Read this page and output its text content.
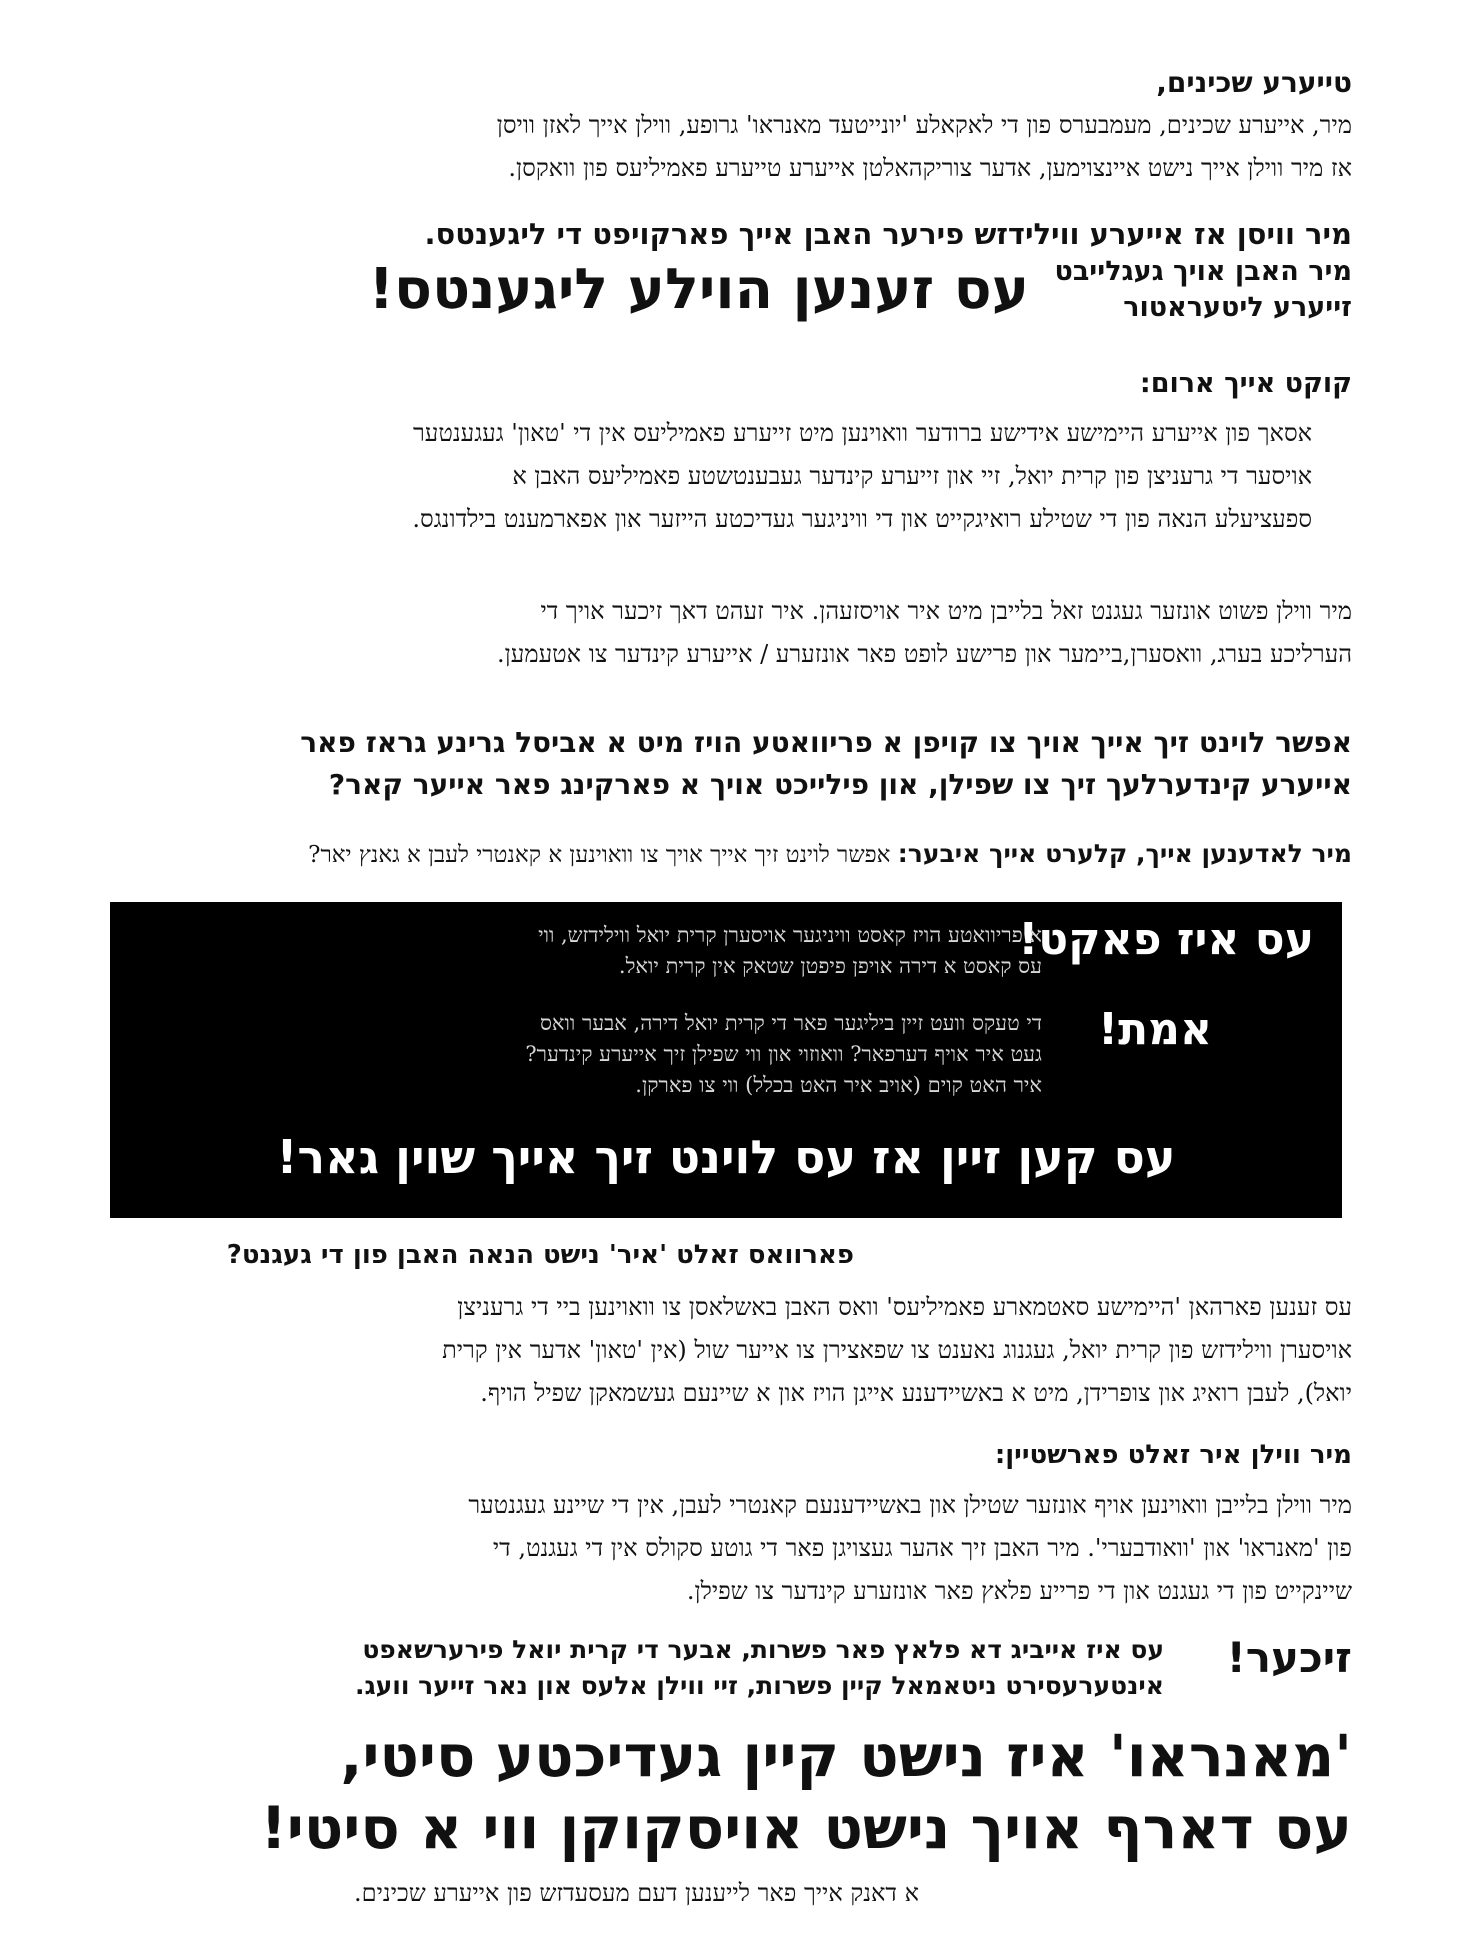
טייערע שכינים,
מיר, אייערע שכינים, מעמבערס פון די לאקאלע 'יונייטעד מאנראו' גרופע, ווילן אייך לאזן וויסן
אז מיר ווילן אייך נישט איינצוימען, אדער צוריקהאלטן אייערע טייערע פאמיליעס פון וואקסן.
מיר וויסן אז אייערע ווילידזש פירער האבן אייך פארקויפט די ליגענטס.
מיר האבן אויך געגלייבט
זייערע ליטעראטור
עס זענען הוילע ליגענטס!
קוקט אייך ארום:
אסאך פון אייערע היימישע אידישע ברודער וואוינען מיט זייערע פאמיליעס אין די 'טאון' געגענטער
אויסער די גרעניצן פון קרית יואל, זיי און זייערע קינדער געבענטשטע פאמיליעס האבן א
ספעציעלע הנאה פון די שטילע רואיגקייט און די וויניגער געדיכטע הייזער און אפארמענט בילדונגס.
מיר ווילן פשוט אונזער געגנט זאל בלייבן מיט איר אויסזעהן. איר זעהט דאך זיכער אויך די
הערליכע בערג, וואסערן,ביימער און פרישע לופט פאר אונזערע / אייערע קינדער צו אטעמען.
אפשר לוינט זיך אייך אויך צו קויפן א פריוואטע הויז מיט א אביסל גרינע גראז פאר
אייערע קינדערלעך זיך צו שפילן, און פילייכט אויך א פארקינג פאר אייער קאר?
מיר לאדענען אייך, קלערט אייך איבער: אפשר לוינט זיך אייך אויך צו וואוינען א קאנטרי לעבן א גאנץ יאר?
עס איז פאקט!
א פריוואטע הויז קאסט וויניגער אויסערן קרית יואל ווילידזש, ווי
עס קאסט א דירה אויפן פיפטן שטאק אין קרית יואל.
אמת!
די טעקס וועט זיין ביליגער פאר די קרית יואל דירה, אבער וואס
געט איר אויף דערפאר? וואוזוי און ווי שפילן זיך אייערע קינדער?
איר האט קוים (אויב איר האט בכלל) ווי צו פארקן.
עס קען זיין אז עס לוינט זיך אייך שוין גאר!
פארוואס זאלט 'איר' נישט הנאה האבן פון די געגנט?
עס זענען פארהאן 'היימישע סאטמארע פאמיליעס' וואס האבן באשלאסן צו וואוינען ביי די גרעניצן
אויסערן ווילידזש פון קרית יואל, געגנוג נאענט צו שפאצירן צו אייער שול (אין 'טאון' אדער אין קרית
יואל), לעבן רואיג און צופרידן, מיט א באשיידענע אייגן הויז און א שיינעם געשמאקן שפיל הויף.
מיר ווילן איר זאלט פארשטיין:
מיר ווילן בלייבן וואוינען אויף אונזער שטילן און באשיידענעם קאנטרי לעבן, אין די שיינע געגנטער
פון 'מאנראו' און 'וואודבערי'. מיר האבן זיך אהער געצויגן פאר די גוטע סקולס אין די געגנט, די
שיינקייט פון די געגנט און די פרייע פלאץ פאר אונזערע קינדער צו שפילן.
זיכער!
עס איז אייביג דא פלאץ פאר פשרות, אבער די קרית יואל פירערשאפט
אינטערעסירט ניטאמאל קיין פשרות, זיי ווילן אלעס און נאר זייער וועג.
'מאנראו' איז נישט קיין געדיכטע סיטי,
עס דארף אויך נישט אויסקוקן ווי א סיטי!
א דאנק אייך פאר לייענען דעם מעסעדזש פון אייערע שכינים.
